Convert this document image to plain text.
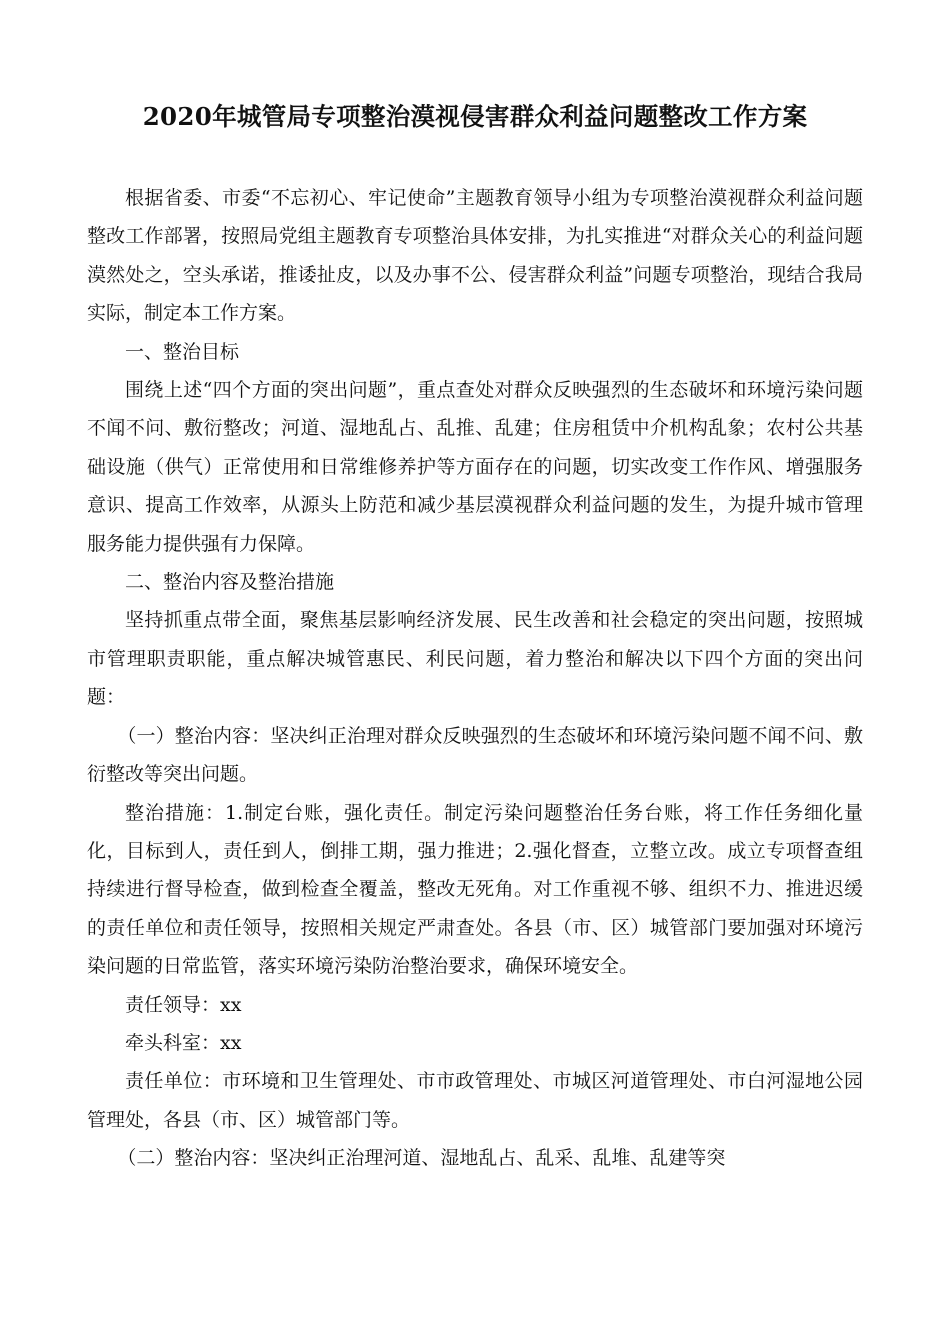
2020年城管局专项整治漠视侵害群众利益问题整改工作方案

根据省委、市委“不忘初心、牢记使命”主题教育领导小组为专项整治漠视群众利益问题整改工作部署，按照局党组主题教育专项整治具体安排，为扎实推进“对群众关心的利益问题漠然处之，空头承诺，推诿扯皮，以及办事不公、侵害群众利益”问题专项整治，现结合我局实际，制定本工作方案。

一、整治目标

围绕上述“四个方面的突出问题”，重点查处对群众反映强烈的生态破坏和环境污染问题不闻不问、敷衍整改；河道、湿地乱占、乱推、乱建；住房租赁中介机构乱象；农村公共基础设施（供气）正常使用和日常维修养护等方面存在的问题，切实改变工作作风、增强服务意识、提高工作效率，从源头上防范和减少基层漠视群众利益问题的发生，为提升城市管理服务能力提供强有力保障。

二、整治内容及整治措施

坚持抓重点带全面，聚焦基层影响经济发展、民生改善和社会稳定的突出问题，按照城市管理职责职能，重点解决城管惠民、利民问题，着力整治和解决以下四个方面的突出问题：

（一）整治内容：坚决纠正治理对群众反映强烈的生态破坏和环境污染问题不闻不问、敷衍整改等突出问题。

整治措施：1.制定台账，强化责任。制定污染问题整治任务台账，将工作任务细化量化，目标到人，责任到人，倒排工期，强力推进；2.强化督查，立整立改。成立专项督查组持续进行督导检查，做到检查全覆盖，整改无死角。对工作重视不够、组织不力、推进迟缓的责任单位和责任领导，按照相关规定严肃查处。各县（市、区）城管部门要加强对环境污染问题的日常监管，落实环境污染防治整治要求，确保环境安全。

责任领导：xx

牵头科室：xx

责任单位：市环境和卫生管理处、市市政管理处、市城区河道管理处、市白河湿地公园管理处，各县（市、区）城管部门等。

（二）整治内容：坚决纠正治理河道、湿地乱占、乱采、乱堆、乱建等突
